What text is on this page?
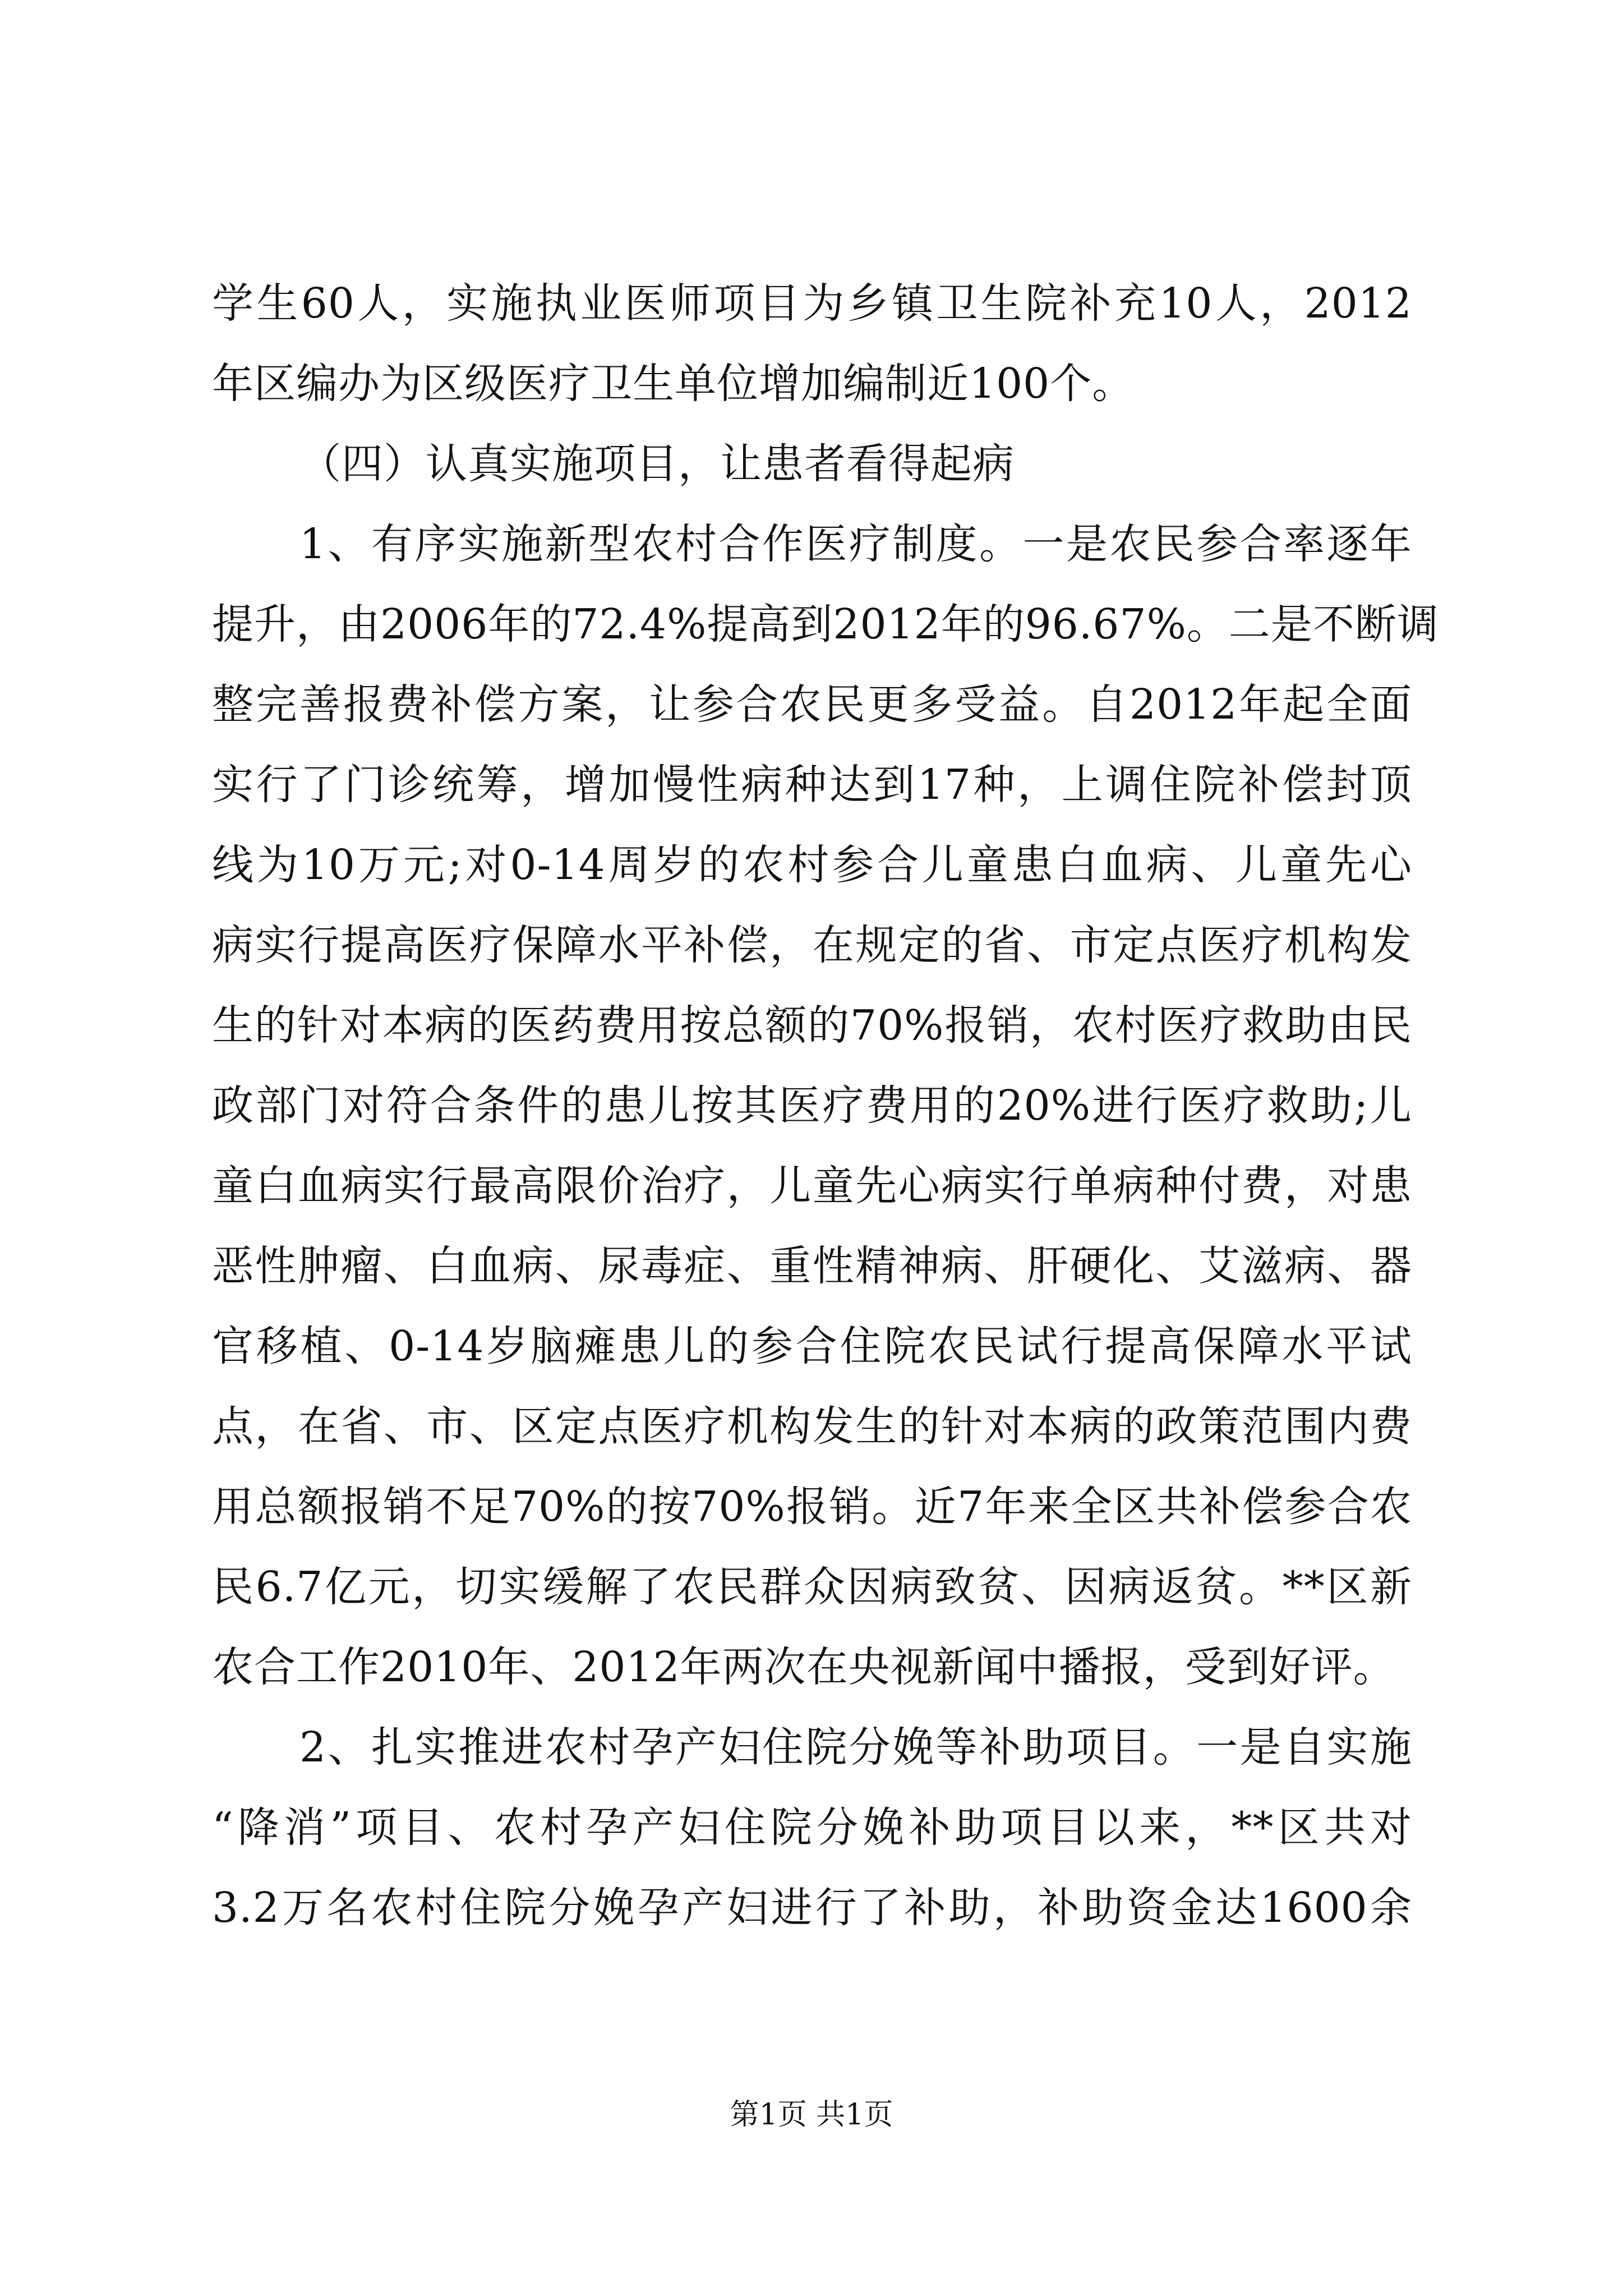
学生60人，实施执业医师项目为乡镇卫生院补充10人，2012
年区编办为区级医疗卫生单位增加编制近100个。
（四）认真实施项目，让患者看得起病
1、有序实施新型农村合作医疗制度。一是农民参合率逐年
提升，由2006年的72.4%提高到2012年的96.67%。二是不断调
整完善报费补偿方案，让参合农民更多受益。自2012年起全面
实行了门诊统筹，增加慢性病种达到17种，上调住院补偿封顶
线为10万元;对0-14周岁的农村参合儿童患白血病、儿童先心
病实行提高医疗保障水平补偿，在规定的省、市定点医疗机构发
生的针对本病的医药费用按总额的70%报销，农村医疗救助由民
政部门对符合条件的患儿按其医疗费用的20%进行医疗救助;儿
童白血病实行最高限价治疗，儿童先心病实行单病种付费，对患
恶性肿瘤、白血病、尿毒症、重性精神病、肝硬化、艾滋病、器
官移植、0-14岁脑瘫患儿的参合住院农民试行提高保障水平试
点，在省、市、区定点医疗机构发生的针对本病的政策范围内费
用总额报销不足70%的按70%报销。近7年来全区共补偿参合农
民6.7亿元，切实缓解了农民群众因病致贫、因病返贫。**区新
农合工作2010年、2012年两次在央视新闻中播报，受到好评。
2、扎实推进农村孕产妇住院分娩等补助项目。一是自实施
“降消”项目、农村孕产妇住院分娩补助项目以来，**区共对
3.2万名农村住院分娩孕产妇进行了补助，补助资金达1600余
第1页 共1页
